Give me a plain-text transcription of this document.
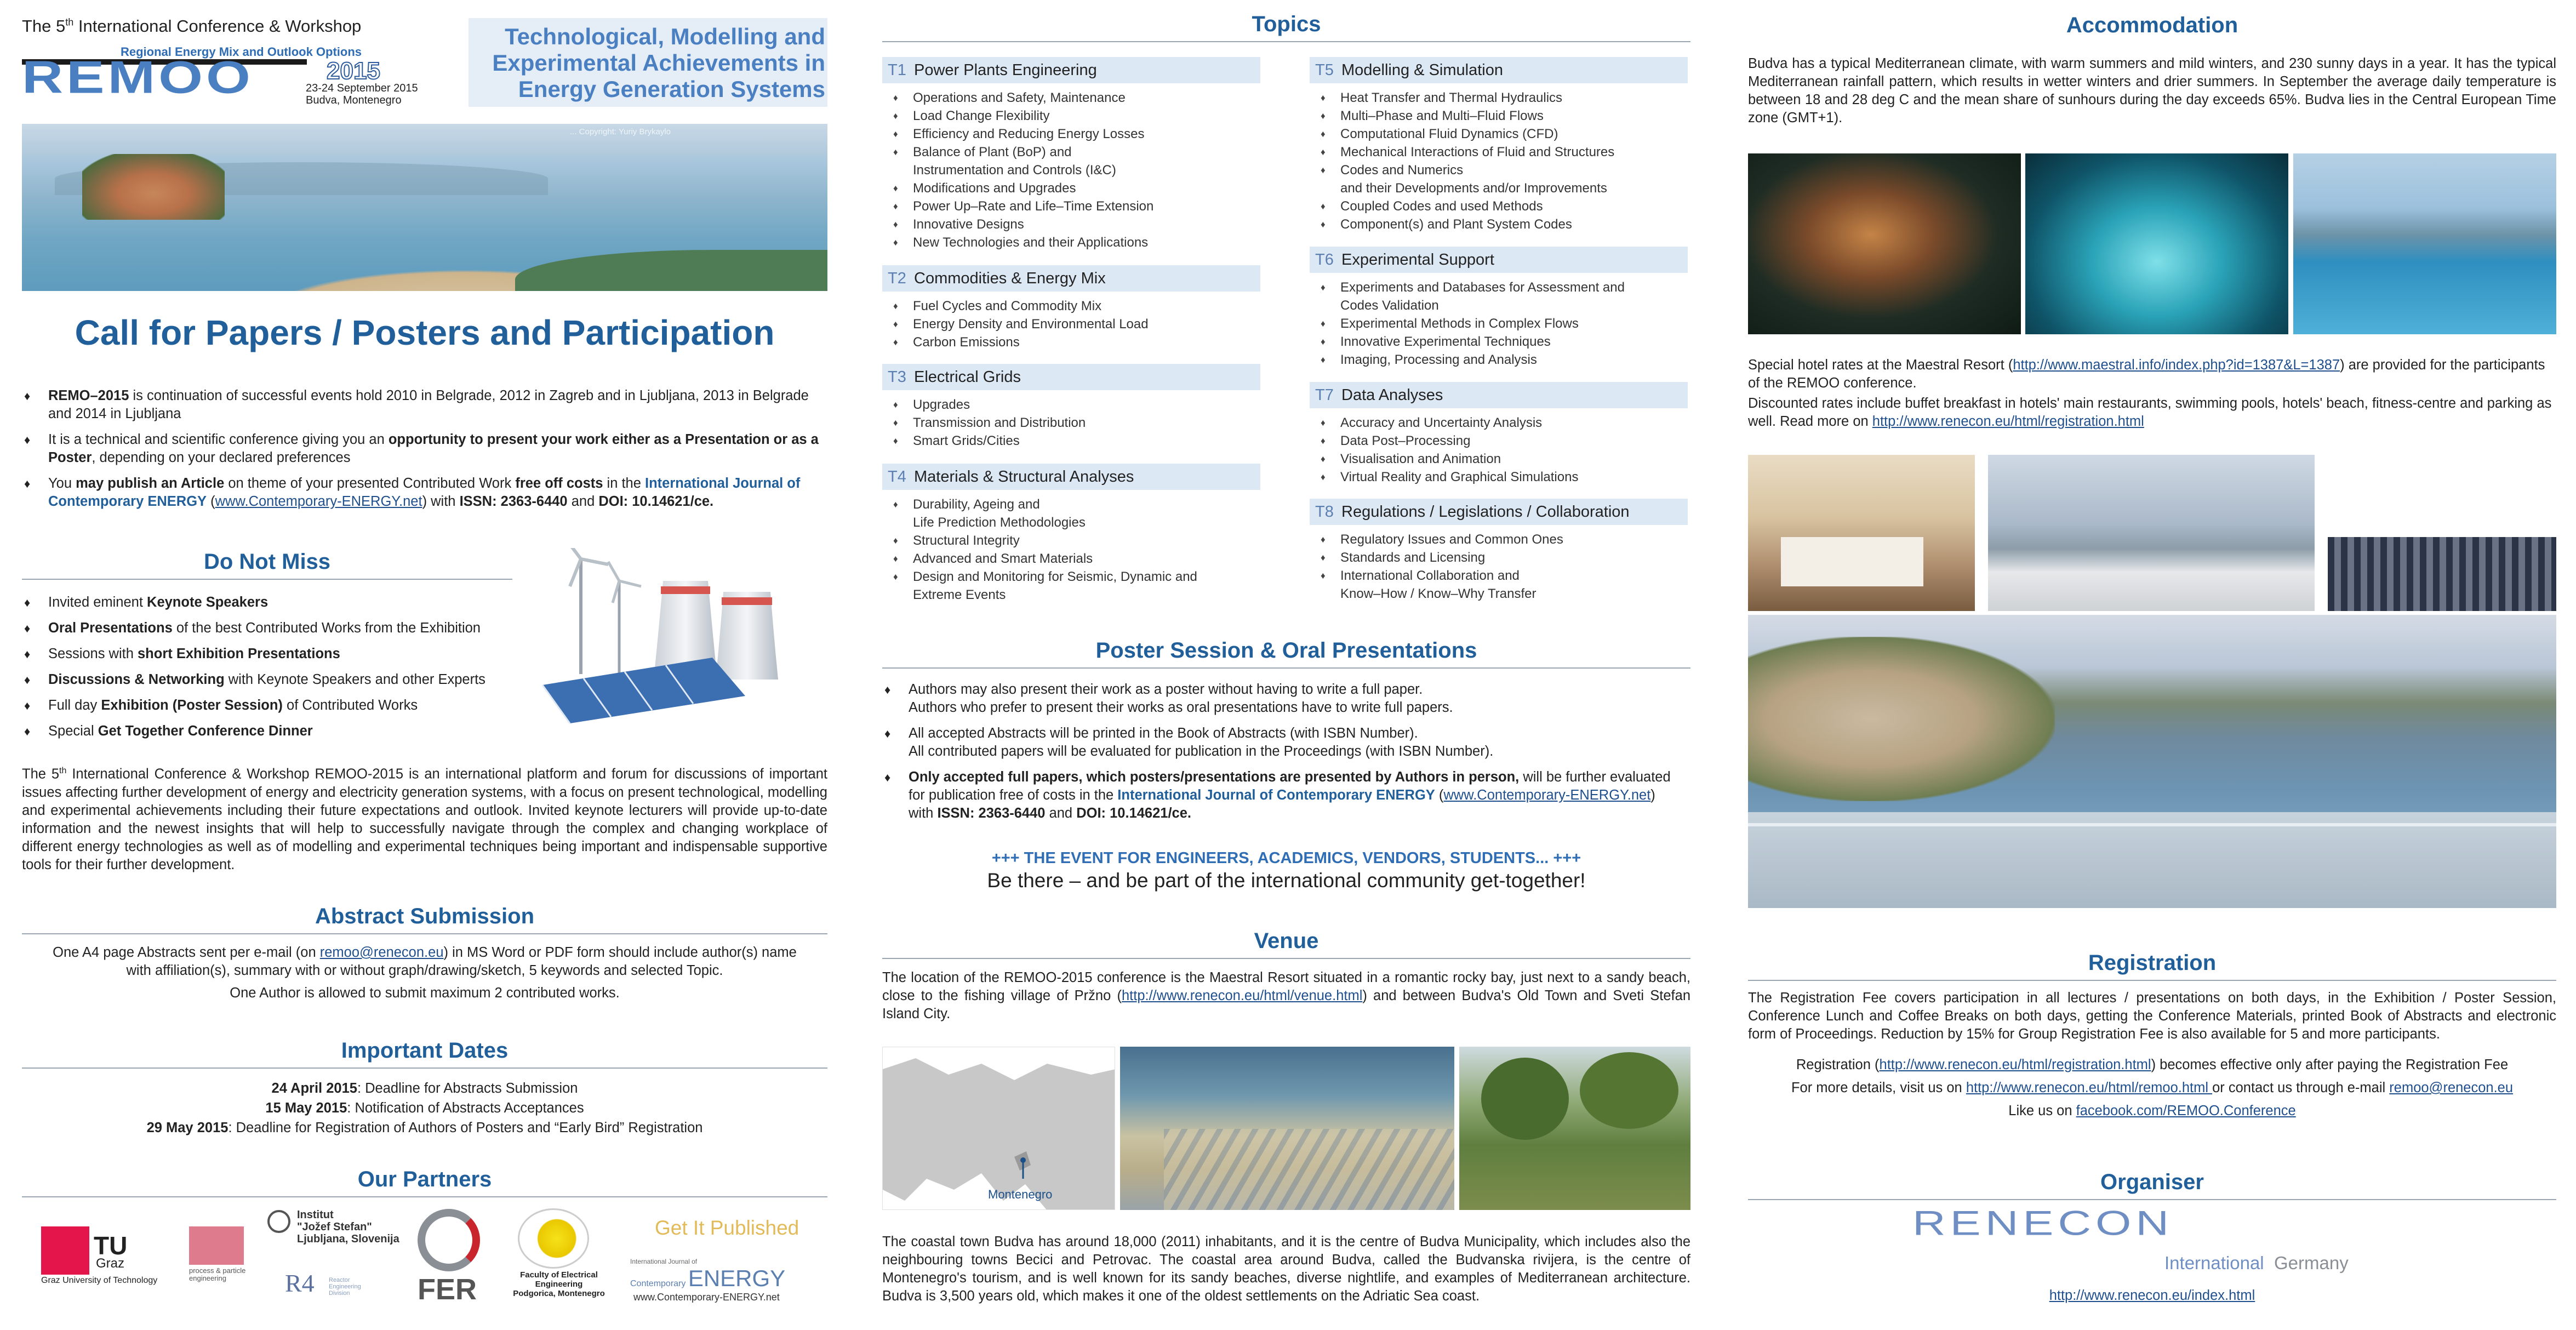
The 5th International Conference & Workshop
Regional Energy Mix and Outlook Options
REMOO	2015
23-24 September 2015
Budva, Montenegro
Technological, Modelling and Experimental Achievements in Energy Generation Systems
... Copyright: Yuriy Brykaylo
Call for Papers / Posters and Participation
♦ REMO–2015 is continuation of successful events hold 2010 in Belgrade, 2012 in Zagreb and in Ljubljana, 2013 in Belgrade and 2014 in Ljubljana
♦ It is a technical and scientific conference giving you an opportunity to present your work either as a Presentation or as a Poster, depending on your declared preferences
♦ You may publish an Article on theme of your presented Contributed Work free off costs in the International Journal of Contemporary ENERGY (www.Contemporary-ENERGY.net) with ISSN: 2363-6440 and DOI: 10.14621/ce.
Do Not Miss
♦ Invited eminent Keynote Speakers
♦ Oral Presentations of the best Contributed Works from the Exhibition
♦ Sessions with short Exhibition Presentations
♦ Discussions & Networking with Keynote Speakers and other Experts
♦ Full day Exhibition (Poster Session) of Contributed Works
♦ Special Get Together Conference Dinner
The 5th International Conference & Workshop REMOO-2015 is an international platform and forum for discussions of important issues affecting further development of energy and electricity generation systems, with a focus on present technological, modelling and experimental achievements including their future expectations and outlook. Invited keynote lecturers will provide up-to-date information and the newest insights that will help to successfully navigate through the complex and changing workplace of different energy technologies as well as of modelling and experimental techniques being important and indispensable supportive tools for their further development.
Abstract Submission
One A4 page Abstracts sent per e-mail (on remoo@renecon.eu) in MS Word or PDF form should include author(s) name
with affiliation(s), summary with or without graph/drawing/sketch, 5 keywords and selected Topic.
One Author is allowed to submit maximum 2 contributed works.
Important Dates
24 April 2015: Deadline for Abstracts Submission
15 May 2015: Notification of Abstracts Acceptances
29 May 2015: Deadline for Registration of Authors of Posters and “Early Bird” Registration
Our Partners
TU
Graz
Graz University of Technology
process & particle engineering
Institut
"Jožef Stefan"
Ljubljana, Slovenija
R4 Reactor Engineering Division	FER	Faculty of Electrical
Engineering
Podgorica, Montenegro
Get It Published
International Journal of
Contemporary ENERGY
www.Contemporary-ENERGY.net
Topics
T1 Power Plants Engineering
♦ Operations and Safety, Maintenance
♦ Load Change Flexibility
♦ Efficiency and Reducing Energy Losses
♦ Balance of Plant (BoP) and
Instrumentation and Controls (I&C)
♦ Modifications and Upgrades
♦ Power Up–Rate and Life–Time Extension
♦ Innovative Designs
♦ New Technologies and their Applications
T2 Commodities & Energy Mix
♦ Fuel Cycles and Commodity Mix
♦ Energy Density and Environmental Load
♦ Carbon Emissions
T3 Electrical Grids
♦ Upgrades
♦ Transmission and Distribution
♦ Smart Grids/Cities
T4 Materials & Structural Analyses
♦ Durability, Ageing and
Life Prediction Methodologies
♦ Structural Integrity
♦ Advanced and Smart Materials
♦ Design and Monitoring for Seismic, Dynamic and
Extreme Events
T5 Modelling & Simulation
♦ Heat Transfer and Thermal Hydraulics
♦ Multi–Phase and Multi–Fluid Flows
♦ Computational Fluid Dynamics (CFD)
♦ Mechanical Interactions of Fluid and Structures
♦ Codes and Numerics
and their Developments and/or Improvements
♦ Coupled Codes and used Methods
♦ Component(s) and Plant System Codes
T6 Experimental Support
♦ Experiments and Databases for Assessment and
Codes Validation
♦ Experimental Methods in Complex Flows
♦ Innovative Experimental Techniques
♦ Imaging, Processing and Analysis
T7 Data Analyses
♦ Accuracy and Uncertainty Analysis
♦ Data Post–Processing
♦ Visualisation and Animation
♦ Virtual Reality and Graphical Simulations
T8 Regulations / Legislations / Collaboration
♦ Regulatory Issues and Common Ones
♦ Standards and Licensing
♦ International Collaboration and
Know–How / Know–Why Transfer
Poster Session & Oral Presentations
♦ Authors may also present their work as a poster without having to write a full paper.
Authors who prefer to present their works as oral presentations have to write full papers.
♦ All accepted Abstracts will be printed in the Book of Abstracts (with ISBN Number).
All contributed papers will be evaluated for publication in the Proceedings (with ISBN Number).
♦ Only accepted full papers, which posters/presentations are presented by Authors in person, will be further evaluated for publication free of costs in the International Journal of Contemporary ENERGY (www.Contemporary-ENERGY.net)
with ISSN: 2363-6440 and DOI: 10.14621/ce.
+++ THE EVENT FOR ENGINEERS, ACADEMICS, VENDORS, STUDENTS... +++
Be there – and be part of the international community get-together!
Venue
The location of the REMOO-2015 conference is the Maestral Resort situated in a romantic rocky bay, just next to a sandy beach, close to the fishing village of Pržno (http://www.renecon.eu/html/venue.html) and between Budva's Old Town and Sveti Stefan Island City.
Montenegro
The coastal town Budva has around 18,000 (2011) inhabitants, and it is the centre of Budva Municipality, which includes also the neighbouring towns Becici and Petrovac. The coastal area around Budva, called the Budvanska rivijera, is the centre of Montenegro's tourism, and is well known for its sandy beaches, diverse nightlife, and examples of Mediterranean architecture. Budva is 3,500 years old, which makes it one of the oldest settlements on the Adriatic Sea coast.
Accommodation
Budva has a typical Mediterranean climate, with warm summers and mild winters, and 230 sunny days in a year. It has the typical Mediterranean rainfall pattern, which results in wetter winters and drier summers. In September the average daily temperature is between 18 and 28 deg C and the mean share of sunhours during the day exceeds 65%. Budva lies in the Central European Time zone (GMT+1).
Special hotel rates at the Maestral Resort (http://www.maestral.info/index.php?id=1387&L=1387) are provided for the participants of the REMOO conference.
Discounted rates include buffet breakfast in hotels' main restaurants, swimming pools, hotels' beach, fitness-centre and parking as well. Read more on http://www.renecon.eu/html/registration.html
Registration
The Registration Fee covers participation in all lectures / presentations on both days, in the Exhibition / Poster Session, Conference Lunch and Coffee Breaks on both days, getting the Conference Materials, printed Book of Abstracts and electronic form of Proceedings. Reduction by 15% for Group Registration Fee is also available for 5 and more participants.
Registration (http://www.renecon.eu/html/registration.html) becomes effective only after paying the Registration Fee
For more details, visit us on http://www.renecon.eu/html/remoo.html or contact us through e-mail remoo@renecon.eu
Like us on facebook.com/REMOO.Conference
Organiser
RENECON
International Germany
http://www.renecon.eu/index.html
